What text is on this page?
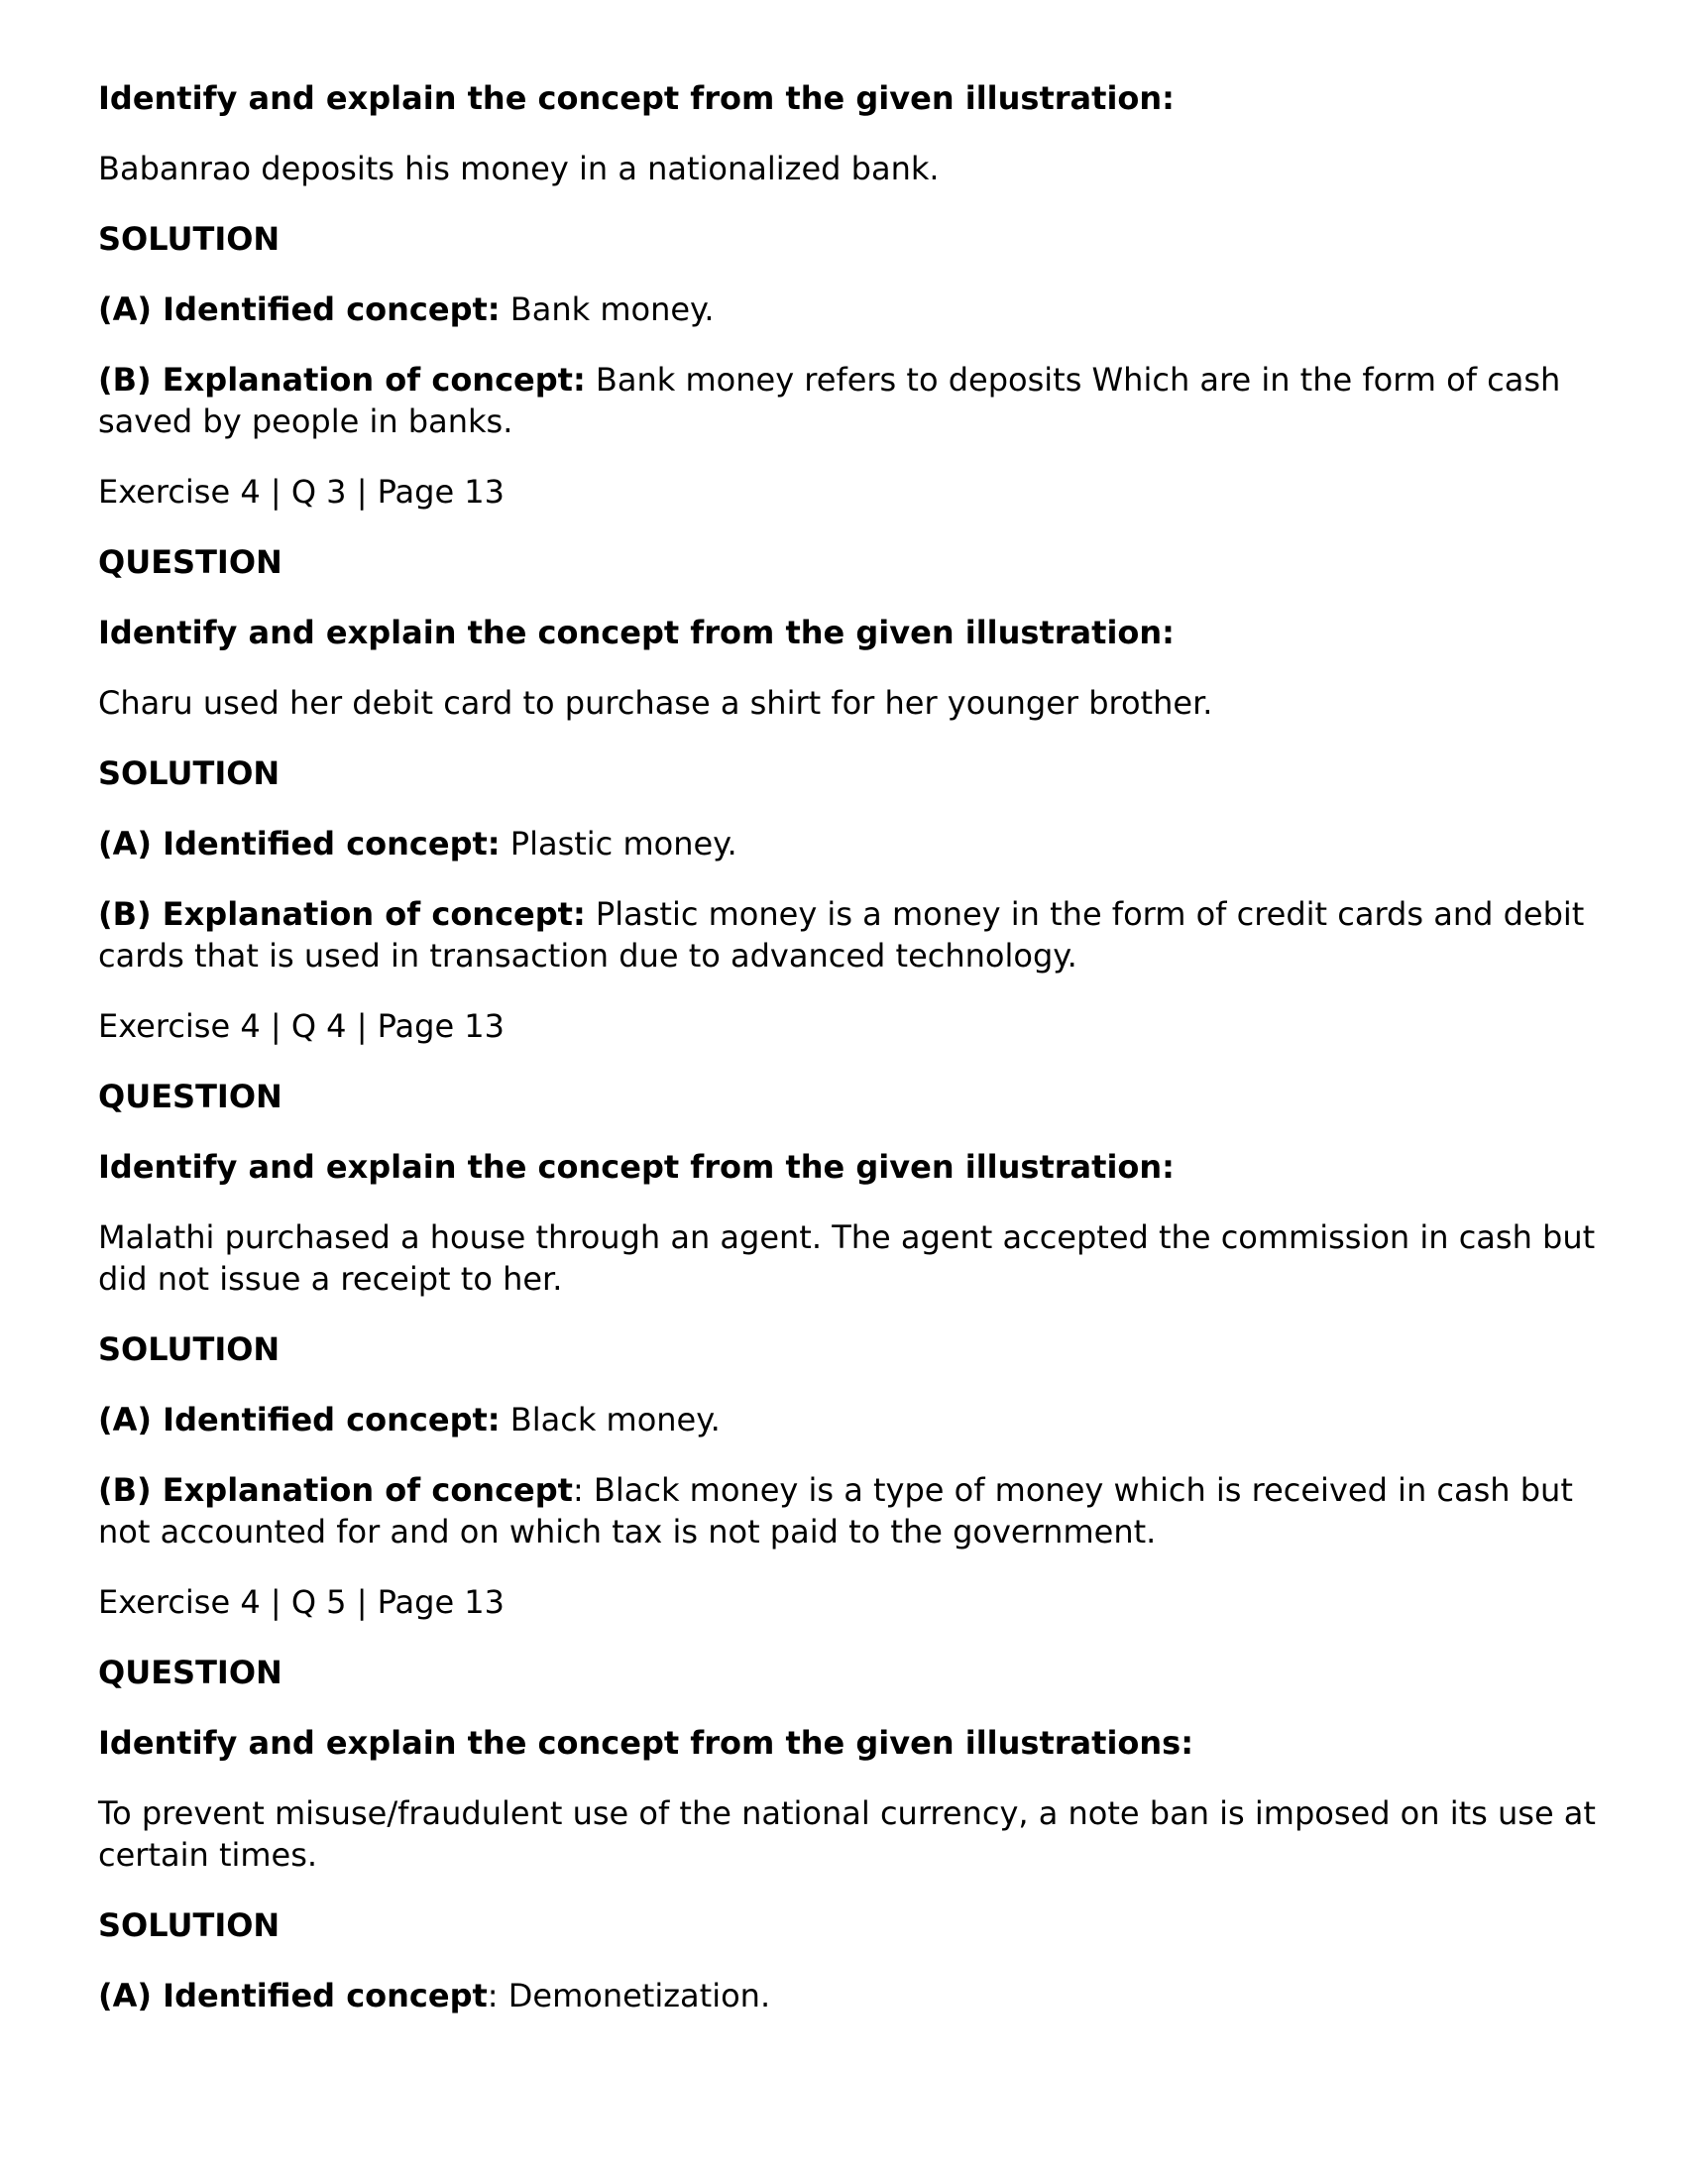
Identify and explain the concept from the given illustration:

Babanrao deposits his money in a nationalized bank.

SOLUTION

(A) Identified concept: Bank money.

(B) Explanation of concept: Bank money refers to deposits Which are in the form of cash saved by people in banks.

Exercise 4 | Q 3 | Page 13

QUESTION

Identify and explain the concept from the given illustration:

Charu used her debit card to purchase a shirt for her younger brother.

SOLUTION

(A) Identified concept: Plastic money.

(B) Explanation of concept: Plastic money is a money in the form of credit cards and debit cards that is used in transaction due to advanced technology.

Exercise 4 | Q 4 | Page 13

QUESTION

Identify and explain the concept from the given illustration:

Malathi purchased a house through an agent. The agent accepted the commission in cash but did not issue a receipt to her.

SOLUTION

(A) Identified concept: Black money.

(B) Explanation of concept: Black money is a type of money which is received in cash but not accounted for and on which tax is not paid to the government.

Exercise 4 | Q 5 | Page 13

QUESTION

Identify and explain the concept from the given illustrations:

To prevent misuse/fraudulent use of the national currency, a note ban is imposed on its use at certain times.

SOLUTION

(A) Identified concept: Demonetization.
